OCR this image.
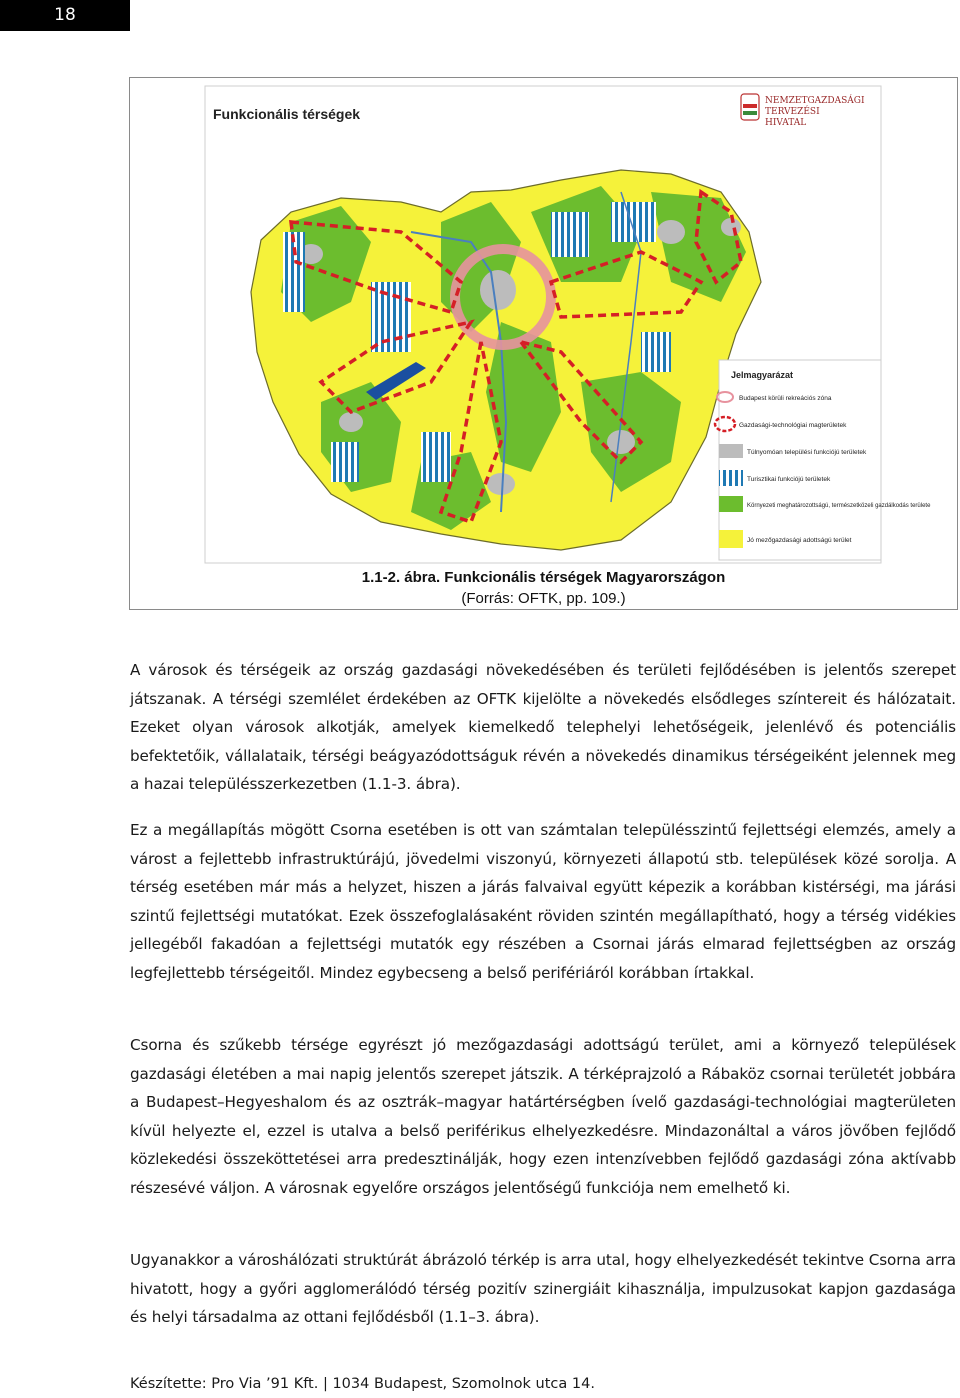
18
Funkcionális térségek
NEMZETGAZDASÁGI
TERVEZÉSI
HIVATAL
Jelmagyarázat
Budapest körüli rekreációs zóna
Gazdasági-technológiai magterületek
Túlnyomóan települési funkciójú területek
Turisztikai funkciójú területek
Környezeti meghatározottságú, természetközeli gazdálkodás területe
Jó mezőgazdasági adottságú terület
1.1-2. ábra. Funkcionális térségek Magyarországon
(Forrás: OFTK, pp. 109.)
A városok és térségeik az ország gazdasági növekedésében és területi fejlődésében is jelentős szerepet játszanak. A térségi szemlélet érdekében az OFTK kijelölte a növekedés elsődleges színtereit és hálózatait. Ezeket olyan városok alkotják, amelyek kiemelkedő telephelyi lehetőségeik, jelenlévő és potenciális befektetőik, vállalataik, térségi beágyazódottságuk révén a növekedés dinamikus térségeiként jelennek meg a hazai településszerkezetben (1.1-3. ábra).
Ez a megállapítás mögött Csorna esetében is ott van számtalan településszintű fejlettségi elemzés, amely a várost a fejlettebb infrastruktúrájú, jövedelmi viszonyú, környezeti állapotú stb. települések közé sorolja. A térség esetében már más a helyzet, hiszen a járás falvaival együtt képezik a korábban kistérségi, ma járási szintű fejlettségi mutatókat. Ezek összefoglalásaként röviden szintén megállapítható, hogy a térség vidékies jellegéből fakadóan a fejlettségi mutatók egy részében a Csornai járás elmarad fejlettségben az ország legfejlettebb térségeitől. Mindez egybecseng a belső perifériáról korábban írtakkal.
Csorna és szűkebb térsége egyrészt jó mezőgazdasági adottságú terület, ami a környező települések gazdasági életében a mai napig jelentős szerepet játszik. A térképrajzoló a Rábaköz csornai területét jobbára a Budapest–Hegyeshalom és az osztrák–magyar határtérségben ívelő gazdasági-technológiai magterületen kívül helyezte el, ezzel is utalva a belső periférikus elhelyezkedésre. Mindazonáltal a város jövőben fejlődő közlekedési összeköttetései arra predesztinálják, hogy ezen intenzívebben fejlődő gazdasági zóna aktívabb részesévé váljon. A városnak egyelőre országos jelentőségű funkciója nem emelhető ki.
Ugyanakkor a városhálózati struktúrát ábrázoló térkép is arra utal, hogy elhelyezkedését tekintve Csorna arra hivatott, hogy a győri agglomerálódó térség pozitív szinergiáit kihasználja, impulzusokat kapjon gazdasága és helyi társadalma az ottani fejlődésből (1.1–3. ábra).
Készítette: Pro Via ’91 Kft. | 1034 Budapest, Szomolnok utca 14.
